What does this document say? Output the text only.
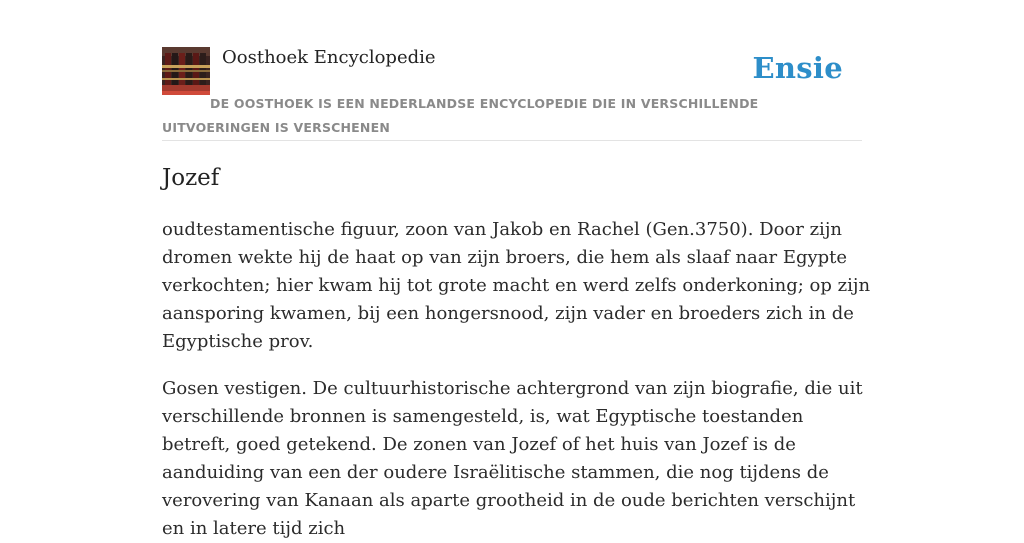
Oosthoek Encyclopedie	Ensie
DE OOSTHOEK IS EEN NEDERLANDSE ENCYCLOPEDIE DIE IN VERSCHILLENDE UITVOERINGEN IS VERSCHENEN
Jozef

oudtestamentische figuur, zoon van Jakob en Rachel (Gen.3750). Door zijn dromen wekte hij de haat op van zijn broers, die hem als slaaf naar Egypte verkochten; hier kwam hij tot grote macht en werd zelfs onderkoning; op zijn aansporing kwamen, bij een hongersnood, zijn vader en broeders zich in de Egyptische prov.

Gosen vestigen. De cultuurhistorische achtergrond van zijn biografie, die uit verschillende bronnen is samengesteld, is, wat Egyptische toestanden betreft, goed getekend. De zonen van Jozef of het huis van Jozef is de aanduiding van een der oudere Israëlitische stammen, die nog tijdens de verovering van Kanaan als aparte grootheid in de oude berichten verschijnt en in latere tijd zich
